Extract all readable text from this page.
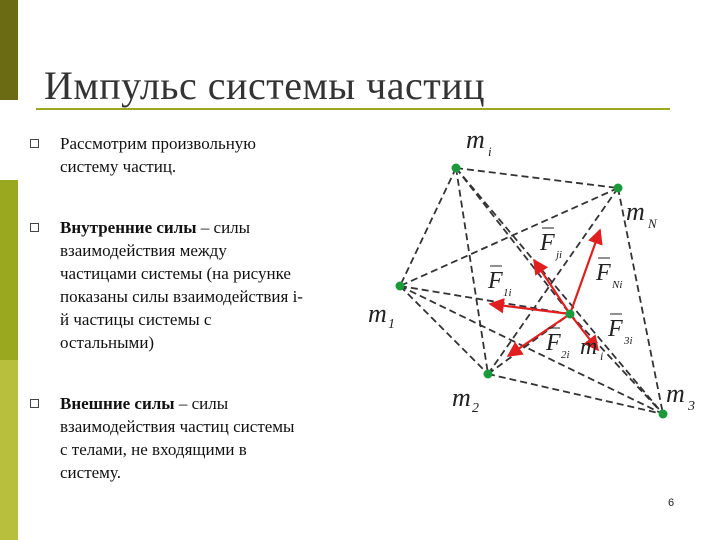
Импульс системы частиц
Рассмотрим произвольную
систему частиц.
Внутренние силы – силы
взаимодействия между
частицами системы (на рисунке
показаны силы взаимодействия i-
й частицы системы с
остальными)
Внешние силы – силы
взаимодействия частиц системы
с телами, не входящими в
систему.
m i
m N
m 1
m 2
m 3
m i
F ji
F 1i
F Ni
F 2i
F 3i
6
